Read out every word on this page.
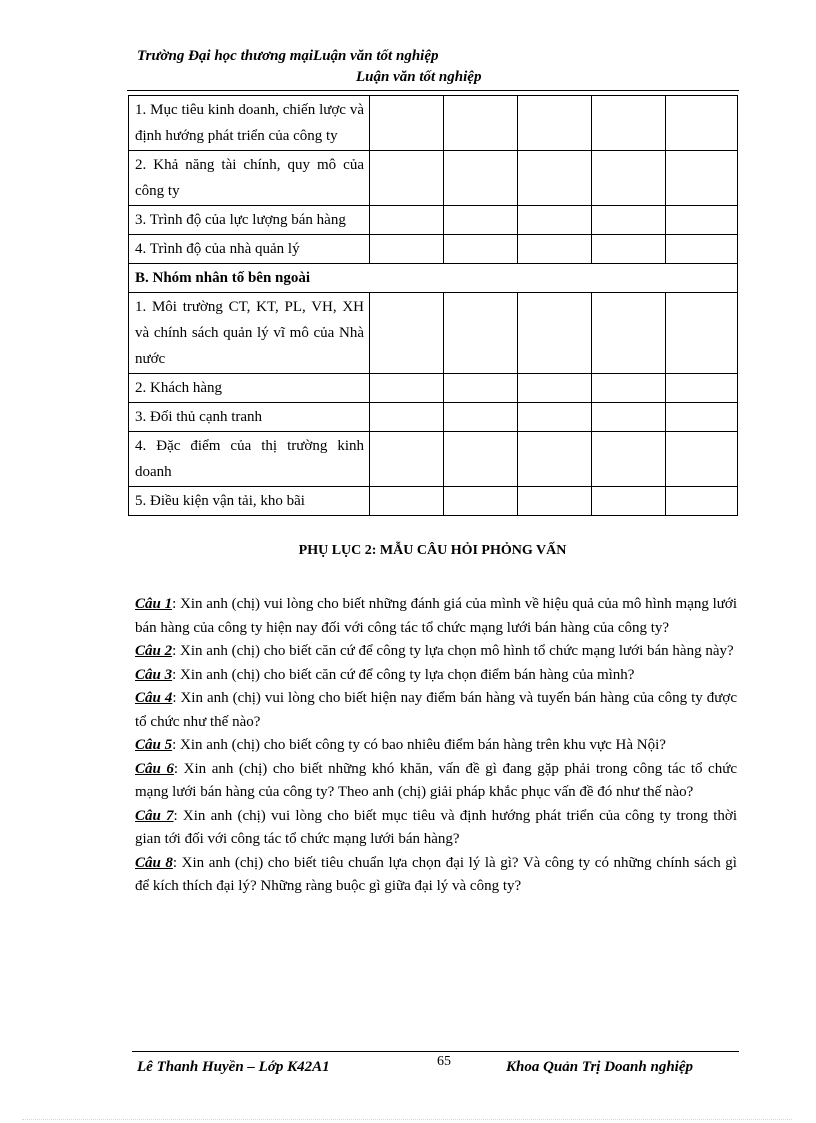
Trường Đại học thương mạiLuận văn tốt nghiệp
Luận văn tốt nghiệp
1. Mục tiêu kinh doanh, chiến lược và định hướng phát triển của công ty					
2. Khả năng tài chính, quy mô của công ty					
3. Trình độ của lực lượng bán hàng					
4. Trình độ của nhà quản lý					
B. Nhóm nhân tố bên ngoài					
1. Môi trường CT, KT, PL, VH, XH và chính sách quản lý vĩ mô của Nhà nước					
2. Khách hàng					
3. Đối thủ cạnh tranh					
4. Đặc điểm của thị trường kinh doanh					
5. Điều kiện vận tải, kho bãi					
PHỤ LỤC 2: MẪU CÂU HỎI PHỎNG VẤN

Câu 1: Xin anh (chị) vui lòng cho biết những đánh giá của mình về hiệu quả của mô hình mạng lưới bán hàng của công ty hiện nay đối với công tác tổ chức mạng lưới bán hàng của công ty?

Câu 2: Xin anh (chị) cho biết căn cứ để công ty lựa chọn mô hình tổ chức mạng lưới bán hàng này?

Câu 3: Xin anh (chị) cho biết căn cứ để công ty lựa chọn điểm bán hàng của mình?

Câu 4: Xin anh (chị) vui lòng cho biết hiện nay điểm bán hàng và tuyến bán hàng của công ty được tổ chức như thế nào?

Câu 5: Xin anh (chị) cho biết công ty có bao nhiêu điểm bán hàng trên khu vực Hà Nội?

Câu 6: Xin anh (chị) cho biết những khó khăn, vấn đề gì đang gặp phải trong công tác tổ chức mạng lưới bán hàng của công ty? Theo anh (chị) giải pháp khắc phục vấn đề đó như thế nào?

Câu 7: Xin anh (chị) vui lòng cho biết mục tiêu và định hướng phát triển của công ty trong thời gian tới đối với công tác tổ chức mạng lưới bán hàng?

Câu 8: Xin anh (chị) cho biết tiêu chuẩn lựa chọn đại lý là gì? Và công ty có những chính sách gì để kích thích đại lý? Những ràng buộc gì giữa đại lý và công ty?

Lê Thanh Huyền – Lớp K42A1	65	Khoa Quản Trị Doanh nghiệp
